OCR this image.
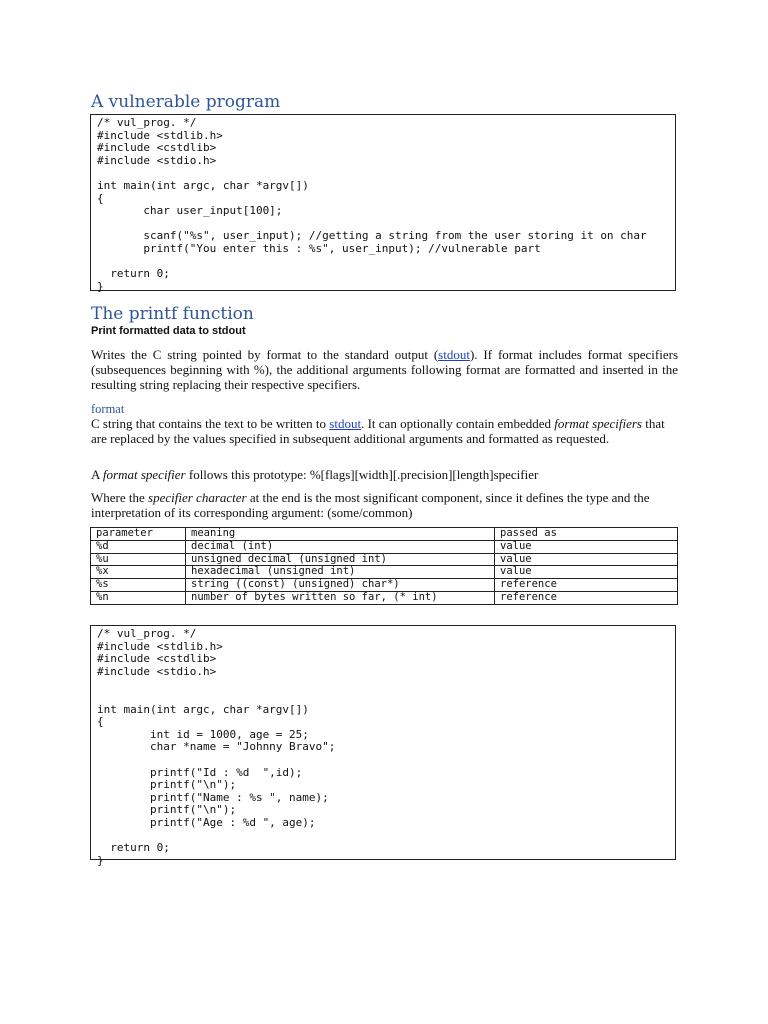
A vulnerable program
/* vul_prog. */
#include <stdlib.h>
#include <cstdlib>
#include <stdio.h>

int main(int argc, char *argv[])
{
char user_input[100];

scanf("%s", user_input); //getting a string from the user storing it on char
printf("You enter this : %s", user_input); //vulnerable part

return 0;
}
The printf function
Print formatted data to stdout

Writes the C string pointed by format to the standard output (stdout). If format includes format specifiers (subsequences beginning with %), the additional arguments following format are formatted and inserted in the resulting string replacing their respective specifiers.

format

C string that contains the text to be written to stdout. It can optionally contain embedded format specifiers that are replaced by the values specified in subsequent additional arguments and formatted as requested.

A format specifier follows this prototype: %[flags][width][.precision][length]specifier

Where the specifier character at the end is the most significant component, since it defines the type and the interpretation of its corresponding argument: (some/common)

parameter	meaning	passed as
%d	decimal (int)	value
%u	unsigned decimal (unsigned int)	value
%x	hexadecimal (unsigned int)	value
%s	string ((const) (unsigned) char*)	reference
%n	number of bytes written so far, (* int)	reference
/* vul_prog. */
#include <stdlib.h>
#include <cstdlib>
#include <stdio.h>

int main(int argc, char *argv[])
{
int id = 1000, age = 25;
char *name = "Johnny Bravo";

printf("Id : %d  ",id);
printf("\n");
printf("Name : %s ", name);
printf("\n");
printf("Age : %d ", age);

return 0;
}
